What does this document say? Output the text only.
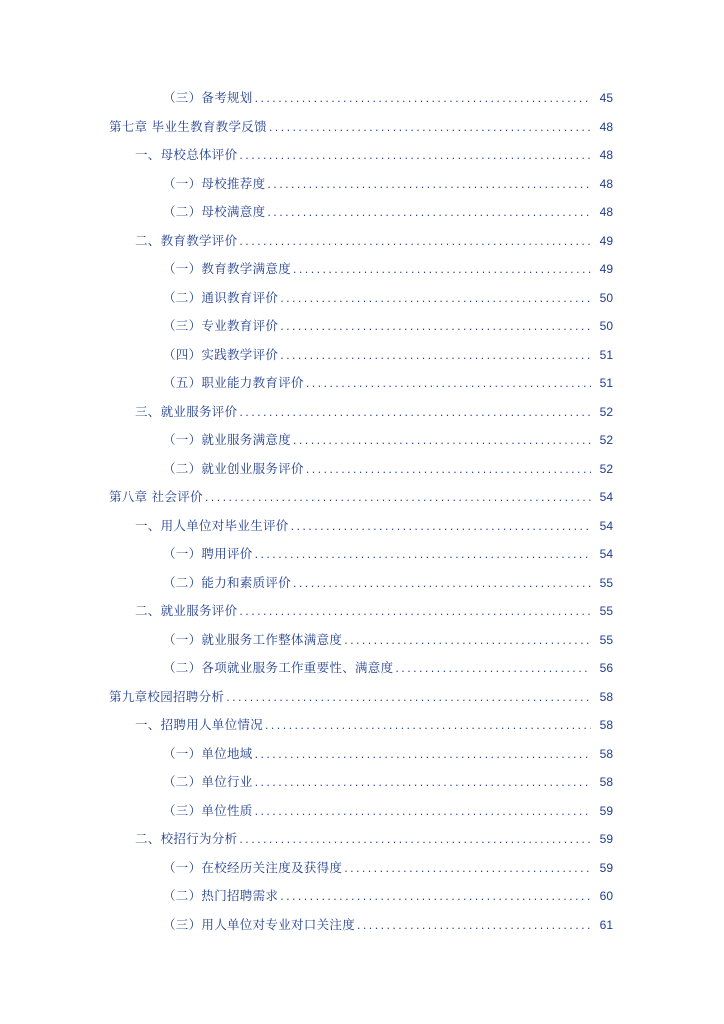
（三）备考规划 .....	45
第七章 毕业生教育教学反馈 .....	48
一、母校总体评价 .....	48
（一）母校推荐度 .....	48
（二）母校满意度 .....	48
二、教育教学评价 .....	49
（一）教育教学满意度 .....	49
（二）通识教育评价 .....	50
（三）专业教育评价 .....	50
（四）实践教学评价 .....	51
（五）职业能力教育评价 .....	51
三、就业服务评价 .....	52
（一）就业服务满意度 .....	52
（二）就业创业服务评价 .....	52
第八章 社会评价 .....	54
一、用人单位对毕业生评价 .....	54
（一）聘用评价 .....	54
（二）能力和素质评价 .....	55
二、就业服务评价 .....	55
（一）就业服务工作整体满意度 .....	55
（二）各项就业服务工作重要性、满意度 .....	56
第九章校园招聘分析 .....	58
一、招聘用人单位情况 .....	58
（一）单位地域 .....	58
（二）单位行业 .....	58
（三）单位性质 .....	59
二、校招行为分析 .....	59
（一）在校经历关注度及获得度 .....	59
（二）热门招聘需求 .....	60
（三）用人单位对专业对口关注度 .....	61
